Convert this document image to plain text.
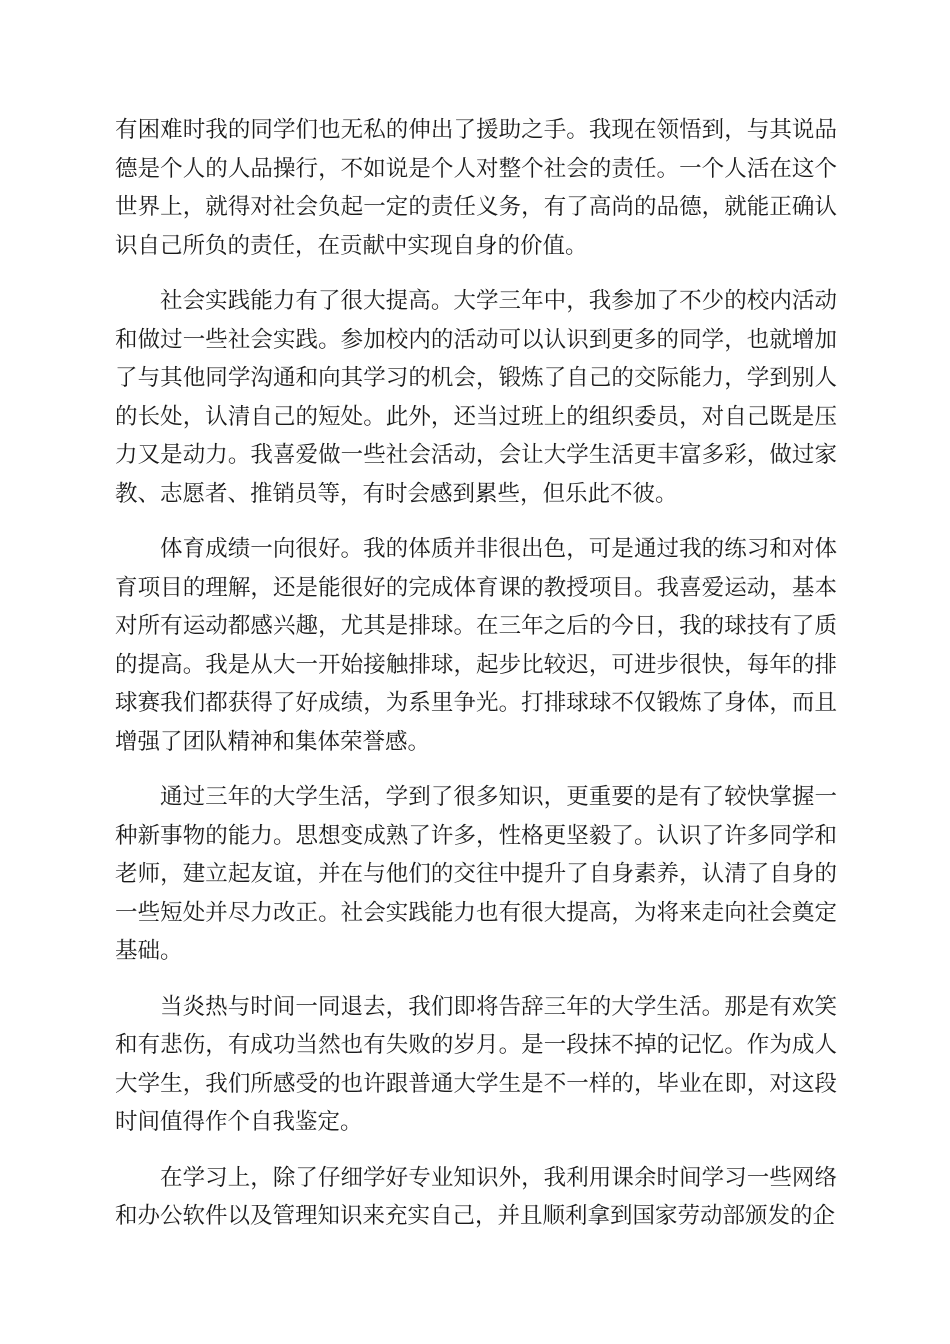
有困难时我的同学们也无私的伸出了援助之手。我现在领悟到，与其说品德是个人的人品操行，不如说是个人对整个社会的责任。一个人活在这个世界上，就得对社会负起一定的责任义务，有了高尚的品德，就能正确认识自己所负的责任，在贡献中实现自身的价值。

社会实践能力有了很大提高。大学三年中，我参加了不少的校内活动和做过一些社会实践。参加校内的活动可以认识到更多的同学，也就增加了与其他同学沟通和向其学习的机会，锻炼了自己的交际能力，学到别人的长处，认清自己的短处。此外，还当过班上的组织委员，对自己既是压力又是动力。我喜爱做一些社会活动，会让大学生活更丰富多彩，做过家教、志愿者、推销员等，有时会感到累些，但乐此不彼。

体育成绩一向很好。我的体质并非很出色，可是通过我的练习和对体育项目的理解，还是能很好的完成体育课的教授项目。我喜爱运动，基本对所有运动都感兴趣，尤其是排球。在三年之后的今日，我的球技有了质的提高。我是从大一开始接触排球，起步比较迟，可进步很快，每年的排球赛我们都获得了好成绩，为系里争光。打排球球不仅锻炼了身体，而且增强了团队精神和集体荣誉感。

通过三年的大学生活，学到了很多知识，更重要的是有了较快掌握一种新事物的能力。思想变成熟了许多，性格更坚毅了。认识了许多同学和老师，建立起友谊，并在与他们的交往中提升了自身素养，认清了自身的一些短处并尽力改正。社会实践能力也有很大提高，为将来走向社会奠定基础。

当炎热与时间一同退去，我们即将告辞三年的大学生活。那是有欢笑和有悲伤，有成功当然也有失败的岁月。是一段抹不掉的记忆。作为成人大学生，我们所感受的也许跟普通大学生是不一样的，毕业在即，对这段时间值得作个自我鉴定。

在学习上，除了仔细学好专业知识外，我利用课余时间学习一些网络和办公软件以及管理知识来充实自己，并且顺利拿到国家劳动部颁发的企
